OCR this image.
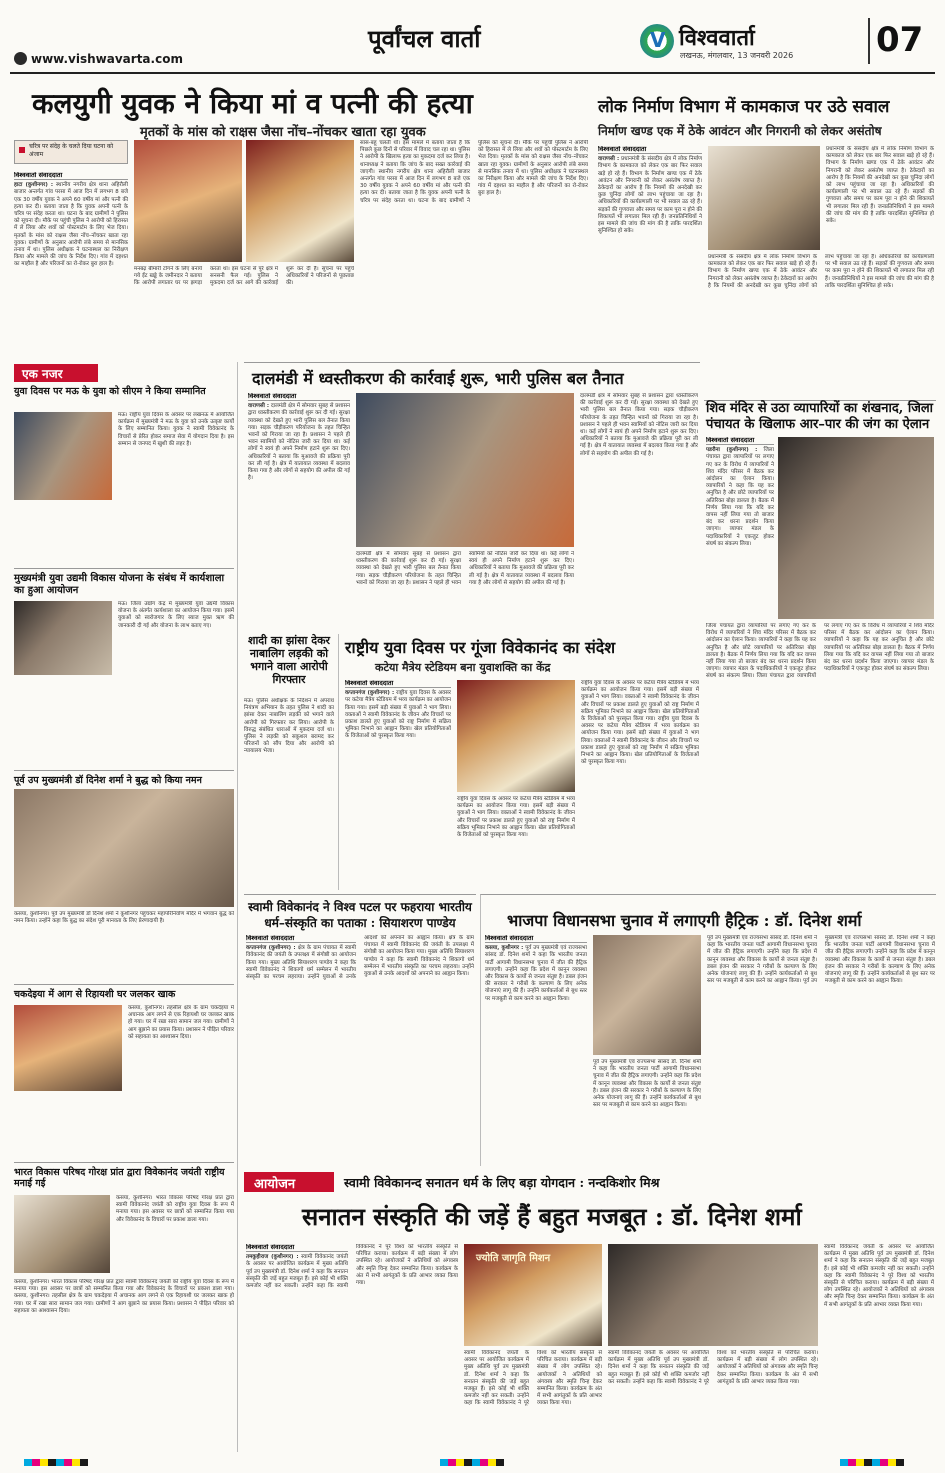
www.vishwavarta.com
पूर्वांचल वार्ता	V विश्ववार्ता
लखनऊ, मंगलवार, 13 जनवरी 2026 07
कलयुगी युवक ने किया मां व पत्नी की हत्या
मृतकों के मांस को राक्षस जैसा नोंच–नोंचकर खाता रहा युवक
चरित्र पर संदेह के चलते दिया घटना को अंजाम
विश्ववार्ता संवाददाता
हाटा (कुशीनगर) : स्थानीय नगरीय क्षेत्र थाना अहिरौली बाजार अन्तर्गत गांव परसा में आज दिन में लगभग 8 बजे एक 30 वर्षीय युवक ने अपने 60 वर्षीय मां और पत्नी की हत्या कर दी। बताया जाता है कि युवक अपनी पत्नी के चरित्र पर संदेह करता था। घटना के बाद ग्रामीणों ने पुलिस को सूचना दी। मौके पर पहुंची पुलिस ने आरोपी को हिरासत में ले लिया और शवों को पोस्टमार्टम के लिए भेज दिया। मृतकों के मांस को राक्षस जैसा नोंच–नोंचकर खाता रहा युवक। ग्रामीणों के अनुसार आरोपी लंबे समय से मानसिक तनाव में था। पुलिस अधीक्षक ने घटनास्थल का निरीक्षण किया और मामले की जांच के निर्देश दिए। गांव में दहशत का माहौल है और परिजनों का रो-रोकर बुरा हाल है।
मनबढ़ बीमारी टोंगने के लिए बनाये गये ईंट खड्डे के जमीनदार ने बताया कि आरोपी लगातार घर पर झगड़ा करता था। इस घटना से पूरे क्षेत्र में सनसनी फैल गई। पुलिस ने मुकदमा दर्ज कर आगे की कार्रवाई शुरू कर दी है। सूचना पर पहुंचे अधिकारियों ने परिजनों से पूछताछ की।
सास-बहू चलती थी। इस मामले में बताया जाता है कि पिछले कुछ दिनों से परिवार में विवाद चल रहा था। पुलिस ने आरोपी के खिलाफ हत्या का मुकदमा दर्ज कर लिया है। थानाध्यक्ष ने बताया कि जांच के बाद सख्त कार्रवाई की जाएगी। स्थानीय नगरीय क्षेत्र थाना अहिरौली बाजार अन्तर्गत गांव परसा में आज दिन में लगभग 8 बजे एक 30 वर्षीय युवक ने अपने 60 वर्षीय मां और पत्नी की हत्या कर दी। बताया जाता है कि युवक अपनी पत्नी के चरित्र पर संदेह करता था। घटना के बाद ग्रामीणों ने पुलिस को सूचना दी। मौके पर पहुंची पुलिस ने आरोपी को हिरासत में ले लिया और शवों को पोस्टमार्टम के लिए भेज दिया। मृतकों के मांस को राक्षस जैसा नोंच–नोंचकर खाता रहा युवक। ग्रामीणों के अनुसार आरोपी लंबे समय से मानसिक तनाव में था। पुलिस अधीक्षक ने घटनास्थल का निरीक्षण किया और मामले की जांच के निर्देश दिए। गांव में दहशत का माहौल है और परिजनों का रो-रोकर बुरा हाल है।
लोक निर्माण विभाग में कामकाज पर उठे सवाल
निर्माण खण्ड एक में ठेके आवंटन और निगरानी को लेकर असंतोष
विश्ववार्ता संवाददाता
वाराणसी : प्रधानमंत्री के संसदीय क्षेत्र में लोक निर्माण विभाग के कामकाज को लेकर एक बार फिर सवाल खड़े हो रहे हैं। विभाग के निर्माण खण्ड एक में ठेके आवंटन और निगरानी को लेकर असंतोष व्याप्त है। ठेकेदारों का आरोप है कि नियमों की अनदेखी कर कुछ चुनिंदा लोगों को लाभ पहुंचाया जा रहा है। अधिकारियों की कार्यप्रणाली पर भी सवाल उठ रहे हैं। सड़कों की गुणवत्ता और समय पर काम पूरा न होने की शिकायतें भी लगातार मिल रही हैं। जनप्रतिनिधियों ने इस मामले की जांच की मांग की है ताकि पारदर्शिता सुनिश्चित हो सके।
प्रधानमंत्री के संसदीय क्षेत्र में लोक निर्माण विभाग के कामकाज को लेकर एक बार फिर सवाल खड़े हो रहे हैं। विभाग के निर्माण खण्ड एक में ठेके आवंटन और निगरानी को लेकर असंतोष व्याप्त है। ठेकेदारों का आरोप है कि नियमों की अनदेखी कर कुछ चुनिंदा लोगों को लाभ पहुंचाया जा रहा है। अधिकारियों की कार्यप्रणाली पर भी सवाल उठ रहे हैं। सड़कों की गुणवत्ता और समय पर काम पूरा न होने की शिकायतें भी लगातार मिल रही हैं। जनप्रतिनिधियों ने इस मामले की जांच की मांग की है ताकि पारदर्शिता सुनिश्चित हो सके।
प्रधानमंत्री के संसदीय क्षेत्र में लोक निर्माण विभाग के कामकाज को लेकर एक बार फिर सवाल खड़े हो रहे हैं। विभाग के निर्माण खण्ड एक में ठेके आवंटन और निगरानी को लेकर असंतोष व्याप्त है। ठेकेदारों का आरोप है कि नियमों की अनदेखी कर कुछ चुनिंदा लोगों को लाभ पहुंचाया जा रहा है। अधिकारियों की कार्यप्रणाली पर भी सवाल उठ रहे हैं। सड़कों की गुणवत्ता और समय पर काम पूरा न होने की शिकायतें भी लगातार मिल रही हैं। जनप्रतिनिधियों ने इस मामले की जांच की मांग की है ताकि पारदर्शिता सुनिश्चित हो सके।
एक नजर
युवा दिवस पर मऊ के युवा को सीएम ने किया सम्मानित
मऊ। राष्ट्रीय युवा दिवस के अवसर पर लखनऊ में आयोजित कार्यक्रम में मुख्यमंत्री ने मऊ के युवा को उनके उत्कृष्ट कार्यों के लिए सम्मानित किया। युवक ने स्वामी विवेकानंद के विचारों से प्रेरित होकर समाज सेवा में योगदान दिया है। इस सम्मान से जनपद में खुशी की लहर है।
मुख्यमंत्री युवा उद्यमी विकास योजना के संबंध में कार्यशाला का हुआ आयोजन
मऊ। जिला उद्योग केंद्र में मुख्यमंत्री युवा उद्यमी विकास योजना के अंतर्गत कार्यशाला का आयोजन किया गया। इसमें युवाओं को स्वरोजगार के लिए ब्याज मुक्त ऋण की जानकारी दी गई और योजना के लाभ बताए गए।
पूर्व उप मुख्यमंत्री डॉ दिनेश शर्मा ने बुद्ध को किया नमन
कसया, कुशीनगर। पूर्व उप मुख्यमंत्री डॉ दिनेश शर्मा ने कुशीनगर पहुंचकर महापरिनिर्वाण मंदिर में भगवान बुद्ध को नमन किया। उन्होंने कहा कि बुद्ध का संदेश पूरी मानवता के लिए प्रेरणादायी है।
चकदेइया में आग से रिहायशी घर जलकर खाक
कसया, कुशीनगर। तहसील क्षेत्र के ग्राम चकदेइया में अचानक आग लगने से एक रिहायशी घर जलकर खाक हो गया। घर में रखा सारा सामान जल गया। ग्रामीणों ने आग बुझाने का प्रयास किया। प्रशासन ने पीड़ित परिवार को सहायता का आश्वासन दिया।
भारत विकास परिषद गोरक्ष प्रांत द्वारा विवेकानंद जयंती राष्ट्रीय मनाई गई
कसया, कुशीनगर। भारत विकास परिषद गोरक्ष प्रांत द्वारा स्वामी विवेकानंद जयंती को राष्ट्रीय युवा दिवस के रूप में मनाया गया। इस अवसर पर छात्रों को सम्मानित किया गया और विवेकानंद के विचारों पर प्रकाश डाला गया।
कसया, कुशीनगर। भारत विकास परिषद गोरक्ष प्रांत द्वारा स्वामी विवेकानंद जयंती को राष्ट्रीय युवा दिवस के रूप में मनाया गया। इस अवसर पर छात्रों को सम्मानित किया गया और विवेकानंद के विचारों पर प्रकाश डाला गया। कसया, कुशीनगर। तहसील क्षेत्र के ग्राम चकदेइया में अचानक आग लगने से एक रिहायशी घर जलकर खाक हो गया। घर में रखा सारा सामान जल गया। ग्रामीणों ने आग बुझाने का प्रयास किया। प्रशासन ने पीड़ित परिवार को सहायता का आश्वासन दिया।
दालमंडी में ध्वस्तीकरण की कार्रवाई शुरू, भारी पुलिस बल तैनात
विश्ववार्ता संवाददाता
वाराणसी : दालमंडी क्षेत्र में सोमवार सुबह से प्रशासन द्वारा ध्वस्तीकरण की कार्रवाई शुरू कर दी गई। सुरक्षा व्यवस्था को देखते हुए भारी पुलिस बल तैनात किया गया। सड़क चौड़ीकरण परियोजना के तहत चिन्हित भवनों को गिराया जा रहा है। प्रशासन ने पहले ही भवन स्वामियों को नोटिस जारी कर दिया था। कई लोगों ने स्वयं ही अपने निर्माण हटाने शुरू कर दिए। अधिकारियों ने बताया कि मुआवजे की प्रक्रिया पूरी कर ली गई है। क्षेत्र में यातायात व्यवस्था में बदलाव किया गया है और लोगों से सहयोग की अपील की गई है।
दालमंडी क्षेत्र में सोमवार सुबह से प्रशासन द्वारा ध्वस्तीकरण की कार्रवाई शुरू कर दी गई। सुरक्षा व्यवस्था को देखते हुए भारी पुलिस बल तैनात किया गया। सड़क चौड़ीकरण परियोजना के तहत चिन्हित भवनों को गिराया जा रहा है। प्रशासन ने पहले ही भवन स्वामियों को नोटिस जारी कर दिया था। कई लोगों ने स्वयं ही अपने निर्माण हटाने शुरू कर दिए। अधिकारियों ने बताया कि मुआवजे की प्रक्रिया पूरी कर ली गई है। क्षेत्र में यातायात व्यवस्था में बदलाव किया गया है और लोगों से सहयोग की अपील की गई है।
दालमंडी क्षेत्र में सोमवार सुबह से प्रशासन द्वारा ध्वस्तीकरण की कार्रवाई शुरू कर दी गई। सुरक्षा व्यवस्था को देखते हुए भारी पुलिस बल तैनात किया गया। सड़क चौड़ीकरण परियोजना के तहत चिन्हित भवनों को गिराया जा रहा है। प्रशासन ने पहले ही भवन स्वामियों को नोटिस जारी कर दिया था। कई लोगों ने स्वयं ही अपने निर्माण हटाने शुरू कर दिए। अधिकारियों ने बताया कि मुआवजे की प्रक्रिया पूरी कर ली गई है। क्षेत्र में यातायात व्यवस्था में बदलाव किया गया है और लोगों से सहयोग की अपील की गई है।
शिव मंदिर से उठा व्यापारियों का शंखनाद, जिला पंचायत के खिलाफ आर–पार की जंग का ऐलान
विश्ववार्ता संवाददाता
पडरौना (कुशीनगर) : जिला पंचायत द्वारा व्यापारियों पर लगाए गए कर के विरोध में व्यापारियों ने शिव मंदिर परिसर में बैठक कर आंदोलन का ऐलान किया। व्यापारियों ने कहा कि यह कर अनुचित है और छोटे व्यापारियों पर अतिरिक्त बोझ डालता है। बैठक में निर्णय लिया गया कि यदि कर वापस नहीं लिया गया तो बाजार बंद कर धरना प्रदर्शन किया जाएगा। व्यापार मंडल के पदाधिकारियों ने एकजुट होकर संघर्ष का संकल्प लिया।
जिला पंचायत द्वारा व्यापारियों पर लगाए गए कर के विरोध में व्यापारियों ने शिव मंदिर परिसर में बैठक कर आंदोलन का ऐलान किया। व्यापारियों ने कहा कि यह कर अनुचित है और छोटे व्यापारियों पर अतिरिक्त बोझ डालता है। बैठक में निर्णय लिया गया कि यदि कर वापस नहीं लिया गया तो बाजार बंद कर धरना प्रदर्शन किया जाएगा। व्यापार मंडल के पदाधिकारियों ने एकजुट होकर संघर्ष का संकल्प लिया। जिला पंचायत द्वारा व्यापारियों पर लगाए गए कर के विरोध में व्यापारियों ने शिव मंदिर परिसर में बैठक कर आंदोलन का ऐलान किया। व्यापारियों ने कहा कि यह कर अनुचित है और छोटे व्यापारियों पर अतिरिक्त बोझ डालता है। बैठक में निर्णय लिया गया कि यदि कर वापस नहीं लिया गया तो बाजार बंद कर धरना प्रदर्शन किया जाएगा। व्यापार मंडल के पदाधिकारियों ने एकजुट होकर संघर्ष का संकल्प लिया।
शादी का झांसा देकर नाबालिग लड़की को भगाने वाला आरोपी गिरफ्तार
मऊ। पुलिस अधीक्षक के निर्देशन में अपराध नियंत्रण अभियान के तहत पुलिस ने शादी का झांसा देकर नाबालिग लड़की को भगाने वाले आरोपी को गिरफ्तार कर लिया। आरोपी के विरुद्ध संबंधित धाराओं में मुकदमा दर्ज था। पुलिस ने लड़की को सकुशल बरामद कर परिजनों को सौंप दिया और आरोपी को न्यायालय भेजा।
राष्ट्रीय युवा दिवस पर गूंजा विवेकानंद का संदेश
कटेया मैत्रेय स्टेडियम बना युवाशक्ति का केंद्र
विश्ववार्ता संवाददाता
कप्तानगंज (कुशीनगर) : राष्ट्रीय युवा दिवस के अवसर पर कटेया मैत्रेय स्टेडियम में भव्य कार्यक्रम का आयोजन किया गया। इसमें बड़ी संख्या में युवाओं ने भाग लिया। वक्ताओं ने स्वामी विवेकानंद के जीवन और विचारों पर प्रकाश डालते हुए युवाओं को राष्ट्र निर्माण में सक्रिय भूमिका निभाने का आह्वान किया। खेल प्रतियोगिताओं के विजेताओं को पुरस्कृत किया गया।
राष्ट्रीय युवा दिवस के अवसर पर कटेया मैत्रेय स्टेडियम में भव्य कार्यक्रम का आयोजन किया गया। इसमें बड़ी संख्या में युवाओं ने भाग लिया। वक्ताओं ने स्वामी विवेकानंद के जीवन और विचारों पर प्रकाश डालते हुए युवाओं को राष्ट्र निर्माण में सक्रिय भूमिका निभाने का आह्वान किया। खेल प्रतियोगिताओं के विजेताओं को पुरस्कृत किया गया।
राष्ट्रीय युवा दिवस के अवसर पर कटेया मैत्रेय स्टेडियम में भव्य कार्यक्रम का आयोजन किया गया। इसमें बड़ी संख्या में युवाओं ने भाग लिया। वक्ताओं ने स्वामी विवेकानंद के जीवन और विचारों पर प्रकाश डालते हुए युवाओं को राष्ट्र निर्माण में सक्रिय भूमिका निभाने का आह्वान किया। खेल प्रतियोगिताओं के विजेताओं को पुरस्कृत किया गया। राष्ट्रीय युवा दिवस के अवसर पर कटेया मैत्रेय स्टेडियम में भव्य कार्यक्रम का आयोजन किया गया। इसमें बड़ी संख्या में युवाओं ने भाग लिया। वक्ताओं ने स्वामी विवेकानंद के जीवन और विचारों पर प्रकाश डालते हुए युवाओं को राष्ट्र निर्माण में सक्रिय भूमिका निभाने का आह्वान किया। खेल प्रतियोगिताओं के विजेताओं को पुरस्कृत किया गया।
स्वामी विवेकानंद ने विश्व पटल पर फहराया भारतीय धर्म–संस्कृति का पताका : सियाशरण पाण्डेय
विश्ववार्ता संवाददाता
कप्तानगंज (कुशीनगर) : क्षेत्र के ग्राम पंचायत में स्वामी विवेकानंद की जयंती के उपलक्ष्य में संगोष्ठी का आयोजन किया गया। मुख्य अतिथि सियाशरण पाण्डेय ने कहा कि स्वामी विवेकानंद ने शिकागो धर्म सम्मेलन में भारतीय संस्कृति का परचम लहराया। उन्होंने युवाओं से उनके आदर्शों को अपनाने का आह्वान किया। क्षेत्र के ग्राम पंचायत में स्वामी विवेकानंद की जयंती के उपलक्ष्य में संगोष्ठी का आयोजन किया गया। मुख्य अतिथि सियाशरण पाण्डेय ने कहा कि स्वामी विवेकानंद ने शिकागो धर्म सम्मेलन में भारतीय संस्कृति का परचम लहराया। उन्होंने युवाओं से उनके आदर्शों को अपनाने का आह्वान किया।
भाजपा विधानसभा चुनाव में लगाएगी हैट्रिक : डॉ. दिनेश शर्मा
विश्ववार्ता संवाददाता
कसया, कुशीनगर : पूर्व उप मुख्यमंत्री एवं राज्यसभा सांसद डॉ. दिनेश शर्मा ने कहा कि भारतीय जनता पार्टी आगामी विधानसभा चुनाव में जीत की हैट्रिक लगाएगी। उन्होंने कहा कि प्रदेश में कानून व्यवस्था और विकास के कार्यों से जनता संतुष्ट है। डबल इंजन की सरकार ने गरीबों के कल्याण के लिए अनेक योजनाएं लागू की हैं। उन्होंने कार्यकर्ताओं से बूथ स्तर पर मजबूती से काम करने का आह्वान किया।
पूर्व उप मुख्यमंत्री एवं राज्यसभा सांसद डॉ. दिनेश शर्मा ने कहा कि भारतीय जनता पार्टी आगामी विधानसभा चुनाव में जीत की हैट्रिक लगाएगी। उन्होंने कहा कि प्रदेश में कानून व्यवस्था और विकास के कार्यों से जनता संतुष्ट है। डबल इंजन की सरकार ने गरीबों के कल्याण के लिए अनेक योजनाएं लागू की हैं। उन्होंने कार्यकर्ताओं से बूथ स्तर पर मजबूती से काम करने का आह्वान किया।
पूर्व उप मुख्यमंत्री एवं राज्यसभा सांसद डॉ. दिनेश शर्मा ने कहा कि भारतीय जनता पार्टी आगामी विधानसभा चुनाव में जीत की हैट्रिक लगाएगी। उन्होंने कहा कि प्रदेश में कानून व्यवस्था और विकास के कार्यों से जनता संतुष्ट है। डबल इंजन की सरकार ने गरीबों के कल्याण के लिए अनेक योजनाएं लागू की हैं। उन्होंने कार्यकर्ताओं से बूथ स्तर पर मजबूती से काम करने का आह्वान किया। पूर्व उप मुख्यमंत्री एवं राज्यसभा सांसद डॉ. दिनेश शर्मा ने कहा कि भारतीय जनता पार्टी आगामी विधानसभा चुनाव में जीत की हैट्रिक लगाएगी। उन्होंने कहा कि प्रदेश में कानून व्यवस्था और विकास के कार्यों से जनता संतुष्ट है। डबल इंजन की सरकार ने गरीबों के कल्याण के लिए अनेक योजनाएं लागू की हैं। उन्होंने कार्यकर्ताओं से बूथ स्तर पर मजबूती से काम करने का आह्वान किया।
आयोजन	स्वामी विवेकानन्द सनातन धर्म के लिए बड़ा योगदान : नन्दकिशोर मिश्र
सनातन संस्कृति की जड़ें हैं बहुत मजबूत : डॉ. दिनेश शर्मा
विश्ववार्ता संवाददाता
तमकुहीराज (कुशीनगर) : स्वामी विवेकानंद जयंती के अवसर पर आयोजित कार्यक्रम में मुख्य अतिथि पूर्व उप मुख्यमंत्री डॉ. दिनेश शर्मा ने कहा कि सनातन संस्कृति की जड़ें बहुत मजबूत हैं। इसे कोई भी शक्ति कमजोर नहीं कर सकती। उन्होंने कहा कि स्वामी विवेकानंद ने पूरे विश्व को भारतीय संस्कृति से परिचित कराया। कार्यक्रम में बड़ी संख्या में लोग उपस्थित रहे। आयोजकों ने अतिथियों को अंगवस्त्र और स्मृति चिन्ह देकर सम्मानित किया। कार्यक्रम के अंत में सभी आगंतुकों के प्रति आभार व्यक्त किया गया।
ज्योति जागृति मिशन
स्वामी विवेकानंद जयंती के अवसर पर आयोजित कार्यक्रम में मुख्य अतिथि पूर्व उप मुख्यमंत्री डॉ. दिनेश शर्मा ने कहा कि सनातन संस्कृति की जड़ें बहुत मजबूत हैं। इसे कोई भी शक्ति कमजोर नहीं कर सकती। उन्होंने कहा कि स्वामी विवेकानंद ने पूरे विश्व को भारतीय संस्कृति से परिचित कराया। कार्यक्रम में बड़ी संख्या में लोग उपस्थित रहे। आयोजकों ने अतिथियों को अंगवस्त्र और स्मृति चिन्ह देकर सम्मानित किया। कार्यक्रम के अंत में सभी आगंतुकों के प्रति आभार व्यक्त किया गया।
स्वामी विवेकानंद जयंती के अवसर पर आयोजित कार्यक्रम में मुख्य अतिथि पूर्व उप मुख्यमंत्री डॉ. दिनेश शर्मा ने कहा कि सनातन संस्कृति की जड़ें बहुत मजबूत हैं। इसे कोई भी शक्ति कमजोर नहीं कर सकती। उन्होंने कहा कि स्वामी विवेकानंद ने पूरे विश्व को भारतीय संस्कृति से परिचित कराया। कार्यक्रम में बड़ी संख्या में लोग उपस्थित रहे। आयोजकों ने अतिथियों को अंगवस्त्र और स्मृति चिन्ह देकर सम्मानित किया। कार्यक्रम के अंत में सभी आगंतुकों के प्रति आभार व्यक्त किया गया।
स्वामी विवेकानंद जयंती के अवसर पर आयोजित कार्यक्रम में मुख्य अतिथि पूर्व उप मुख्यमंत्री डॉ. दिनेश शर्मा ने कहा कि सनातन संस्कृति की जड़ें बहुत मजबूत हैं। इसे कोई भी शक्ति कमजोर नहीं कर सकती। उन्होंने कहा कि स्वामी विवेकानंद ने पूरे विश्व को भारतीय संस्कृति से परिचित कराया। कार्यक्रम में बड़ी संख्या में लोग उपस्थित रहे। आयोजकों ने अतिथियों को अंगवस्त्र और स्मृति चिन्ह देकर सम्मानित किया। कार्यक्रम के अंत में सभी आगंतुकों के प्रति आभार व्यक्त किया गया।
